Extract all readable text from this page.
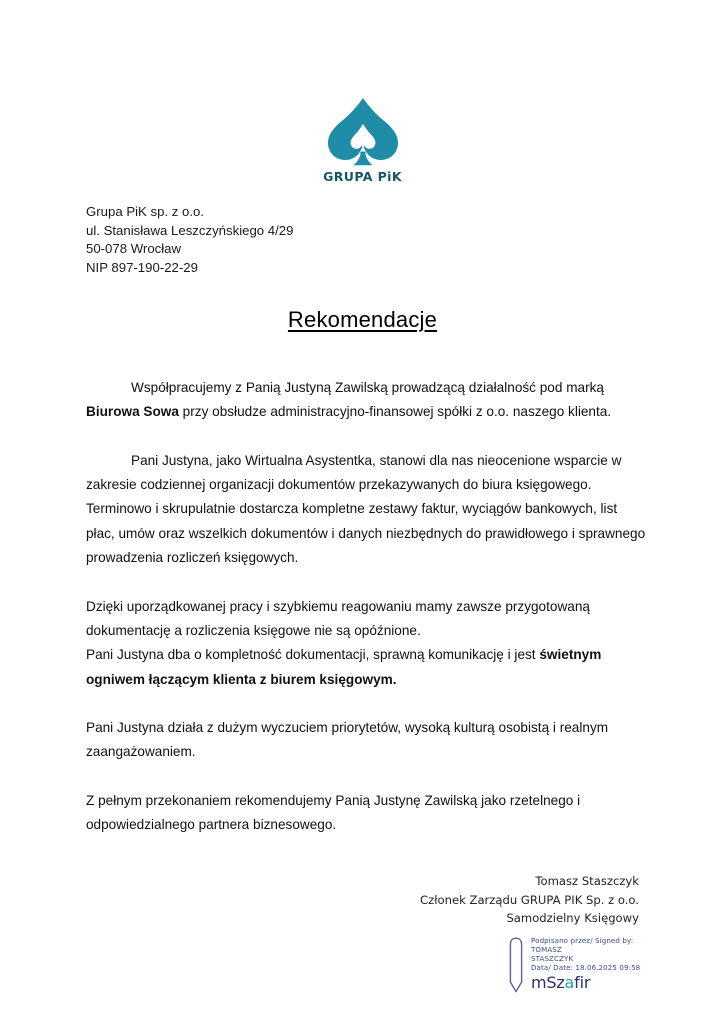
GRUPA PiK
Grupa PiK sp. z o.o.
ul. Stanisława Leszczyńskiego 4/29
50-078 Wrocław
NIP 897-190-22-29
Rekomendacje

Współpracujemy z Panią Justyną Zawilską prowadzącą działalność pod marką Biurowa Sowa przy obsłudze administracyjno-finansowej spółki z o.o. naszego klienta.

Pani Justyna, jako Wirtualna Asystentka, stanowi dla nas nieocenione wsparcie w zakresie codziennej organizacji dokumentów przekazywanych do biura księgowego.

Terminowo i skrupulatnie dostarcza kompletne zestawy faktur, wyciągów bankowych, list płac, umów oraz wszelkich dokumentów i danych niezbędnych do prawidłowego i sprawnego prowadzenia rozliczeń księgowych.

Dzięki uporządkowanej pracy i szybkiemu reagowaniu mamy zawsze przygotowaną dokumentację a rozliczenia księgowe nie są opóźnione.

Pani Justyna dba o kompletność dokumentacji, sprawną komunikację i jest świetnym ogniwem łączącym klienta z biurem księgowym.

Pani Justyna działa z dużym wyczuciem priorytetów, wysoką kulturą osobistą i realnym zaangażowaniem.

Z pełnym przekonaniem rekomendujemy Panią Justynę Zawilską jako rzetelnego i odpowiedzialnego partnera biznesowego.

Tomasz Staszczyk
Członek Zarządu GRUPA PIK Sp. z o.o.
Samodzielny Księgowy
Podpisano przez/ Signed by:
TOMASZ
STASZCZYK
Data/ Date: 18.06.2025 09:58
mSzafir
